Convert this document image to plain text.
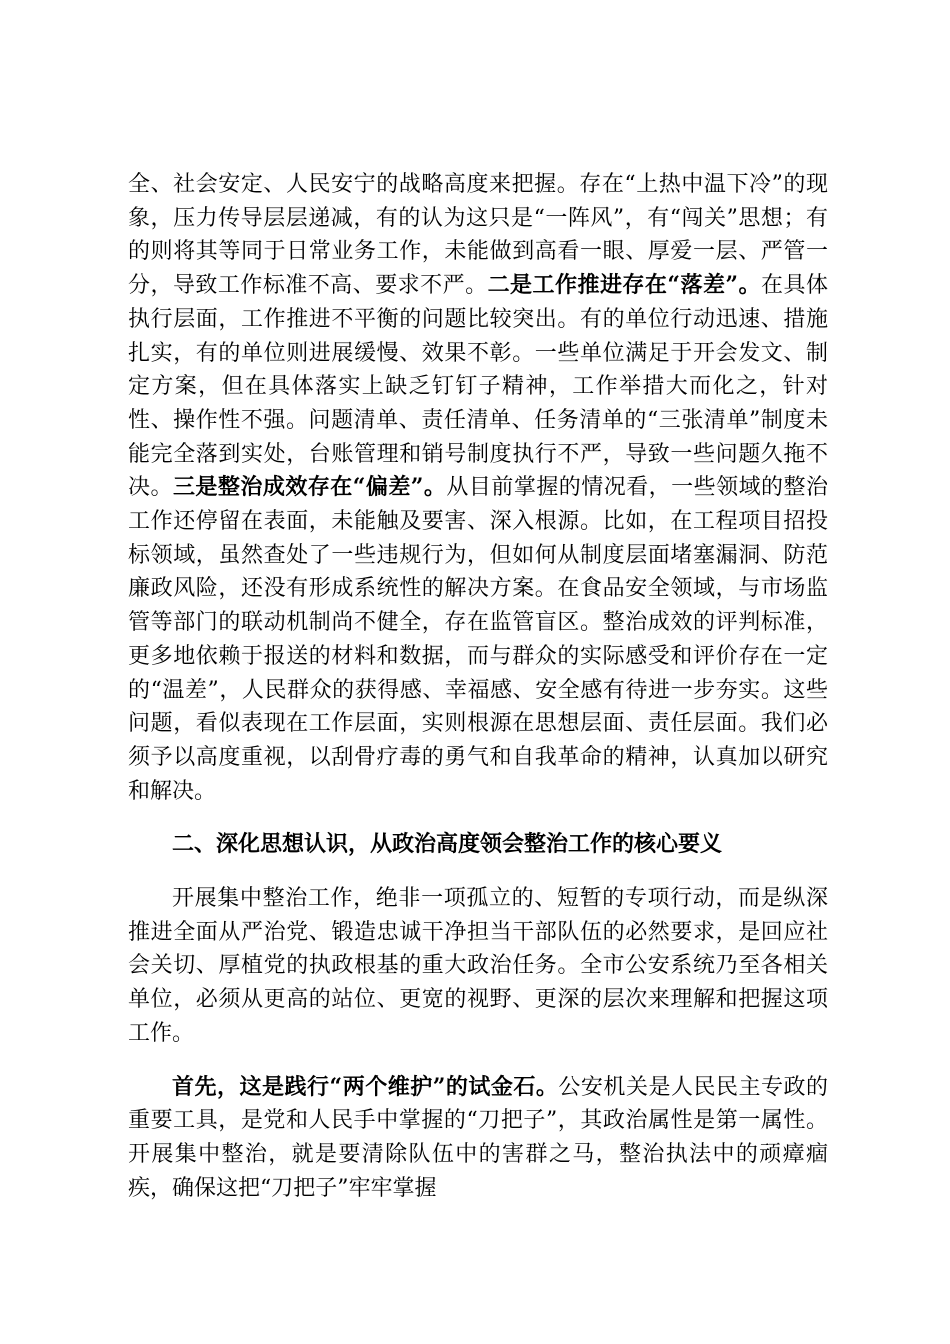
全、社会安定、人民安宁的战略高度来把握。存在“上热中温下冷”的现象，压力传导层层递减，有的认为这只是“一阵风”，有“闯关”思想；有的则将其等同于日常业务工作，未能做到高看一眼、厚爱一层、严管一分，导致工作标准不高、要求不严。二是工作推进存在“落差”。在具体执行层面，工作推进不平衡的问题比较突出。有的单位行动迅速、措施扎实，有的单位则进展缓慢、效果不彰。一些单位满足于开会发文、制定方案，但在具体落实上缺乏钉钉子精神，工作举措大而化之，针对性、操作性不强。问题清单、责任清单、任务清单的“三张清单”制度未能完全落到实处，台账管理和销号制度执行不严，导致一些问题久拖不决。三是整治成效存在“偏差”。从目前掌握的情况看，一些领域的整治工作还停留在表面，未能触及要害、深入根源。比如，在工程项目招投标领域，虽然查处了一些违规行为，但如何从制度层面堵塞漏洞、防范廉政风险，还没有形成系统性的解决方案。在食品安全领域，与市场监管等部门的联动机制尚不健全，存在监管盲区。整治成效的评判标准，更多地依赖于报送的材料和数据，而与群众的实际感受和评价存在一定的“温差”，人民群众的获得感、幸福感、安全感有待进一步夯实。这些问题，看似表现在工作层面，实则根源在思想层面、责任层面。我们必须予以高度重视，以刮骨疗毒的勇气和自我革命的精神，认真加以研究和解决。

二、深化思想认识，从政治高度领会整治工作的核心要义

开展集中整治工作，绝非一项孤立的、短暂的专项行动，而是纵深推进全面从严治党、锻造忠诚干净担当干部队伍的必然要求，是回应社会关切、厚植党的执政根基的重大政治任务。全市公安系统乃至各相关单位，必须从更高的站位、更宽的视野、更深的层次来理解和把握这项工作。

首先，这是践行“两个维护”的试金石。公安机关是人民民主专政的重要工具，是党和人民手中掌握的“刀把子”，其政治属性是第一属性。开展集中整治，就是要清除队伍中的害群之马，整治执法中的顽瘴痼疾，确保这把“刀把子”牢牢掌握
